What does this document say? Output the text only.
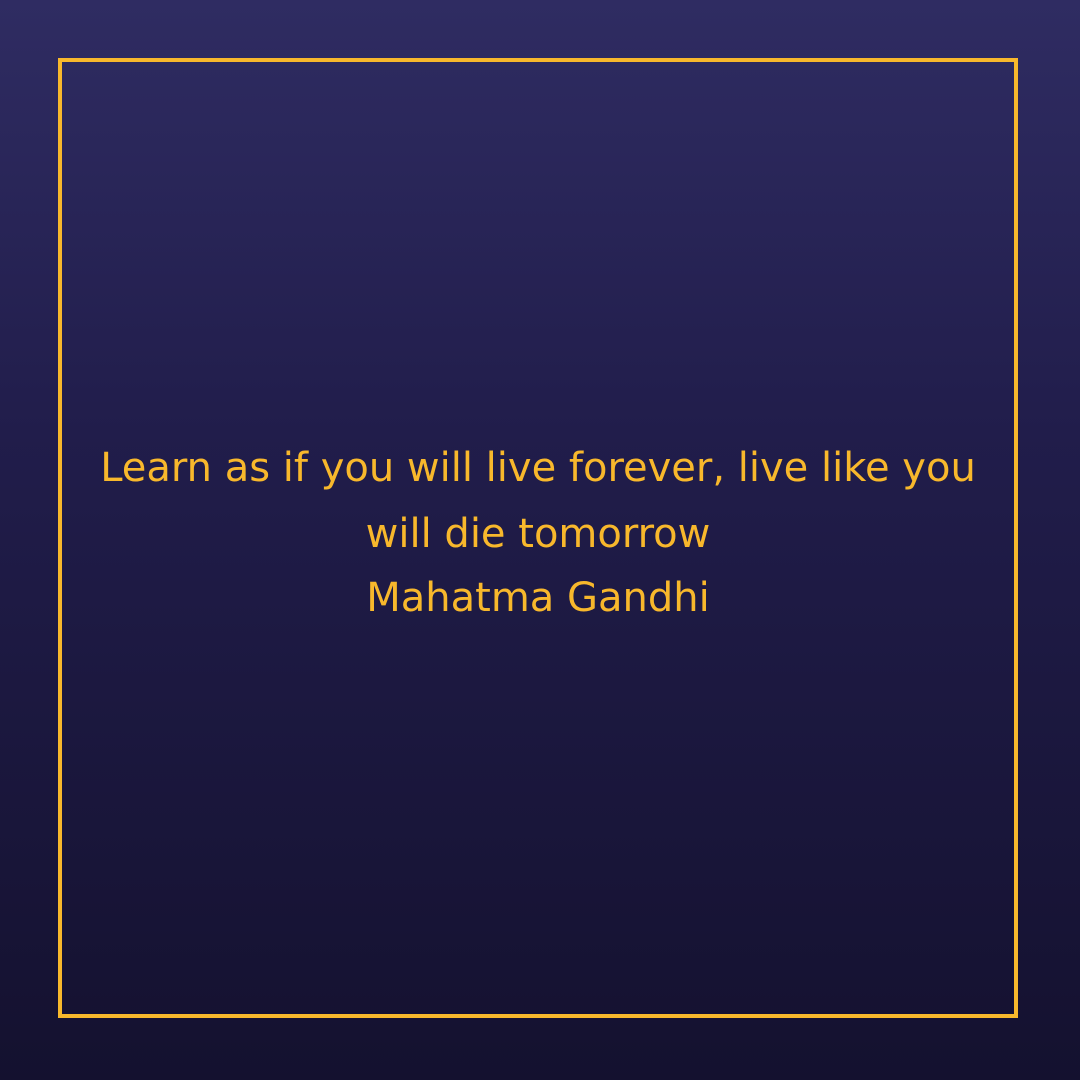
Learn as if you will live forever, live like you will die tomorrow

Mahatma Gandhi
